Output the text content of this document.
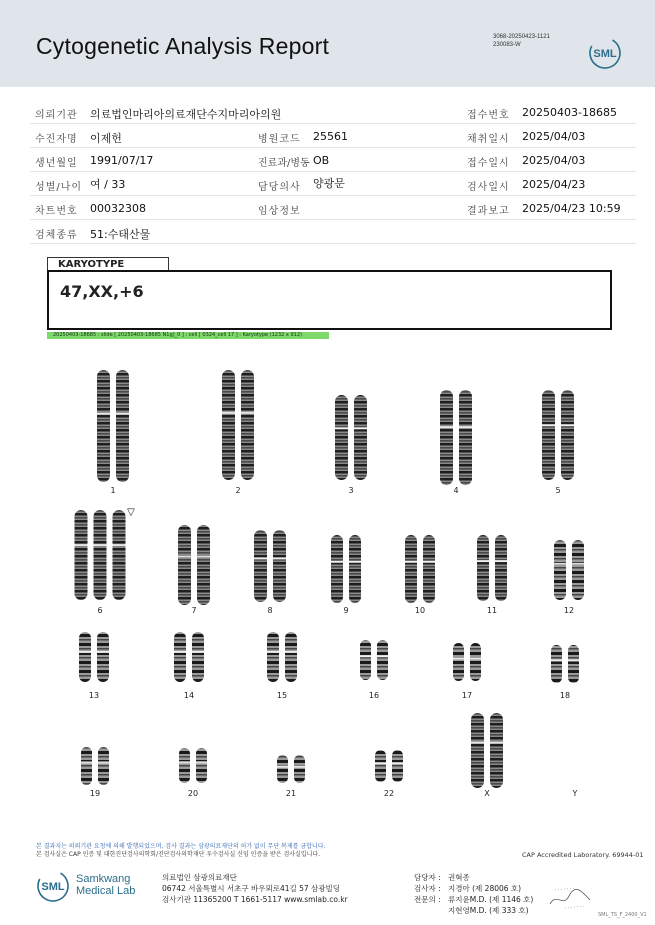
Cytogenetic Analysis Report	3068-20250423-1121
230083-W
SML
의뢰기관 의료법인마리아의료재단수지마리아의원	접수번호 20250403-18685
수진자명 이제헌	병원코드 25561	채취일시 2025/04/03
생년월일 1991/07/17	진료과/병동 OB	접수일시 2025/04/03
성별/나이 여 / 33	담당의사 양광문	검사일시 2025/04/23
차트번호 00032308	임상정보	결과보고 2025/04/23 10:59
검체종류 51:수태산물
KARYOTYPE
47,XX,+6
20250403-18685 : slide [ 20250403-18685 N1g]_0 ] : cell [ 0324_cell 17 ] : Karyotype (1232 x 912)
1	2	3	4	5
6	7	8	9	10	11	12
13	14	15	16	17	18
19	20	21	22	X	Y
▽
본 결과지는 의뢰기관 요청에 의해 발행되었으며, 검사 결과는 삼광의료재단의 허가 없이 무단 복제를 금합니다.
본 검사실은 CAP 인증 및 대한진단검사의학회/진단검사의학재단 우수검사실 신임 인증을 받은 검사실입니다.	CAP Accredited Laboratory. 69944-01
SML
Samkwang
Medical Lab
의료법인 삼광의료재단
06742 서울특별시 서초구 바우뫼로41길 57 삼광빌딩
검사기관 11365200 T 1661-5117 www.smlab.co.kr
담당자 : 권혁종
검사자 : 지경아 (제 28006 호)
전문의 : 류지윤M.D. (제 1146 호)
지현영M.D. (제 333 호)	SML_TS_F_2400_V1
